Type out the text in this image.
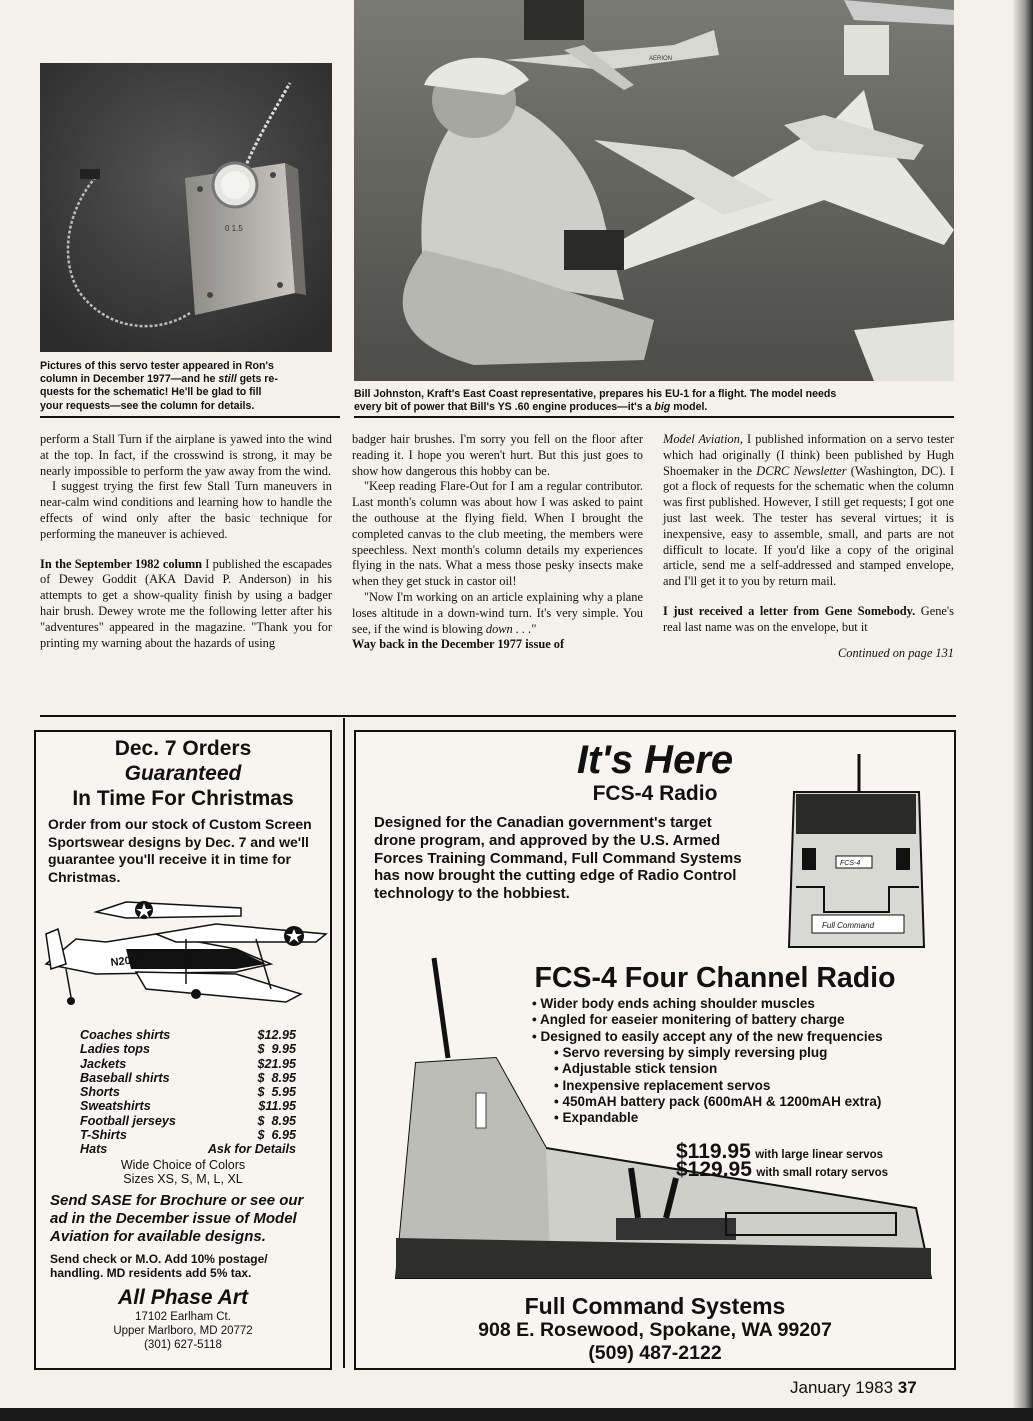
0 1.5
AERION
Pictures of this servo tester appeared in Ron's
column in December 1977—and he still gets re-
quests for the schematic! He'll be glad to fill
your requests—see the column for details.
Bill Johnston, Kraft's East Coast representative, prepares his EU-1 for a flight. The model needs
every bit of power that Bill's YS .60 engine produces—it's a big model.

perform a Stall Turn if the airplane is yawed into the wind at the top. In fact, if the crosswind is strong, it may be nearly impossible to perform the yaw away from the wind.

I suggest trying the first few Stall Turn maneuvers in near-calm wind conditions and learning how to handle the effects of wind only after the basic technique for performing the maneuver is achieved.

In the September 1982 column I published the escapades of Dewey Goddit (AKA David P. Anderson) in his attempts to get a show-quality finish by using a badger hair brush. Dewey wrote me the following letter after his "adventures" appeared in the magazine. "Thank you for printing my warning about the hazards of using

badger hair brushes. I'm sorry you fell on the floor after reading it. I hope you weren't hurt. But this just goes to show how dangerous this hobby can be.

"Keep reading Flare-Out for I am a regular contributor. Last month's column was about how I was asked to paint the outhouse at the flying field. When I brought the completed canvas to the club meeting, the members were speechless. Next month's column details my experiences flying in the nats. What a mess those pesky insects make when they get stuck in castor oil!

"Now I'm working on an article explaining why a plane loses altitude in a down-wind turn. It's very simple. You see, if the wind is blowing down . . ."

Way back in the December 1977 issue of

Model Aviation, I published information on a servo tester which had originally (I think) been published by Hugh Shoemaker in the DCRC Newsletter (Washington, DC). I got a flock of requests for the schematic when the column was first published. However, I still get requests; I got one just last week. The tester has several virtues; it is inexpensive, easy to assemble, small, and parts are not difficult to locate. If you'd like a copy of the original article, send me a self-addressed and stamped envelope, and I'll get it to you by return mail.

I just received a letter from Gene Somebody. Gene's real last name was on the envelope, but it

Continued on page 131
Dec. 7 Orders
Guaranteed
In Time For Christmas
Order from our stock of Custom Screen Sportswear designs by Dec. 7 and we'll guarantee you'll receive it in time for Christmas.
N2065
Coaches shirts	$12.95
Ladies tops	$  9.95
Jackets	$21.95
Baseball shirts	$  8.95
Shorts	$  5.95
Sweatshirts	$11.95
Football jerseys	$  8.95
T-Shirts	$  6.95
Hats	Ask for Details
Wide Choice of Colors
Sizes XS, S, M, L, XL
Send SASE for Brochure or see our ad in the December issue of Model Aviation for available designs.
Send check or M.O. Add 10% postage/ handling. MD residents add 5% tax.
All Phase Art
17102 Earlham Ct.
Upper Marlboro, MD 20772
(301) 627-5118
It's Here
FCS-4 Radio
Designed for the Canadian government's target drone program, and approved by the U.S. Armed Forces Training Command, Full Command Systems has now brought the cutting edge of Radio Control technology to the hobbiest.
FCS-4
Full Command
FCS-4 Four Channel Radio
• Wider body ends aching shoulder muscles
• Angled for easeier monitering of battery charge
• Designed to easily accept any of the new frequencies
• Servo reversing by simply reversing plug
• Adjustable stick tension
• Inexpensive replacement servos
• 450mAH battery pack (600mAH & 1200mAH extra)
• Expandable
$119.95 with large linear servos
$129.95 with small rotary servos
Full Command Systems
908 E. Rosewood, Spokane, WA 99207
(509) 487-2122
January 1983 37
